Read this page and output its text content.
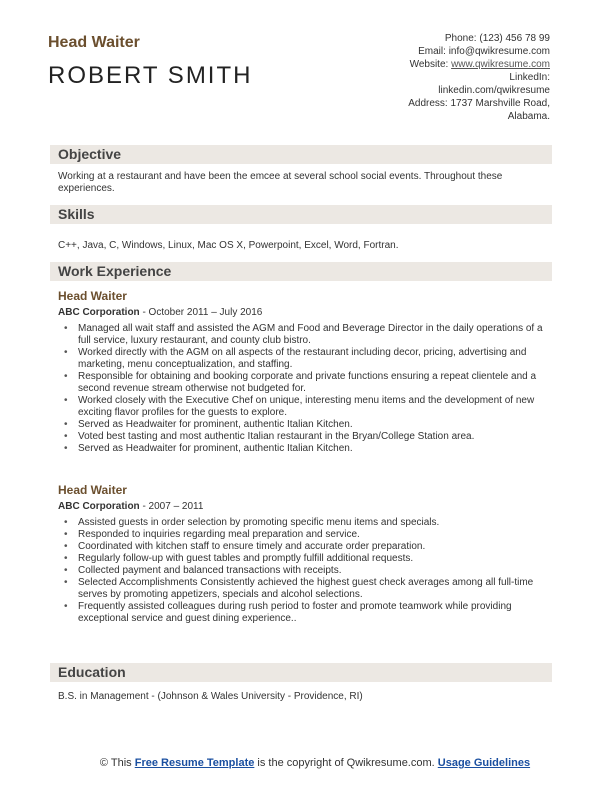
Head Waiter
ROBERT SMITH
Phone: (123) 456 78 99
Email: info@qwikresume.com
Website: www.qwikresume.com
LinkedIn:
linkedin.com/qwikresume
Address: 1737 Marshville Road,
Alabama.
Objective
Working at a restaurant and have been the emcee at several school social events. Throughout these experiences.
Skills
C++, Java, C, Windows, Linux, Mac OS X, Powerpoint, Excel, Word, Fortran.
Work Experience
Head Waiter
ABC Corporation - October 2011 – July 2016
• Managed all wait staff and assisted the AGM and Food and Beverage Director in the daily operations of a full service, luxury restaurant, and county club bistro.
• Worked directly with the AGM on all aspects of the restaurant including decor, pricing, advertising and marketing, menu conceptualization, and staffing.
• Responsible for obtaining and booking corporate and private functions ensuring a repeat clientele and a second revenue stream otherwise not budgeted for.
• Worked closely with the Executive Chef on unique, interesting menu items and the development of new exciting flavor profiles for the guests to explore.
• Served as Headwaiter for prominent, authentic Italian Kitchen.
• Voted best tasting and most authentic Italian restaurant in the Bryan/College Station area.
• Served as Headwaiter for prominent, authentic Italian Kitchen.
Head Waiter
ABC Corporation - 2007 – 2011
• Assisted guests in order selection by promoting specific menu items and specials.
• Responded to inquiries regarding meal preparation and service.
• Coordinated with kitchen staff to ensure timely and accurate order preparation.
• Regularly follow-up with guest tables and promptly fulfill additional requests.
• Collected payment and balanced transactions with receipts.
• Selected Accomplishments Consistently achieved the highest guest check averages among all full-time serves by promoting appetizers, specials and alcohol selections.
• Frequently assisted colleagues during rush period to foster and promote teamwork while providing exceptional service and guest dining experience..
Education
B.S. in Management - (Johnson & Wales University - Providence, RI)
© This Free Resume Template is the copyright of Qwikresume.com. Usage Guidelines
